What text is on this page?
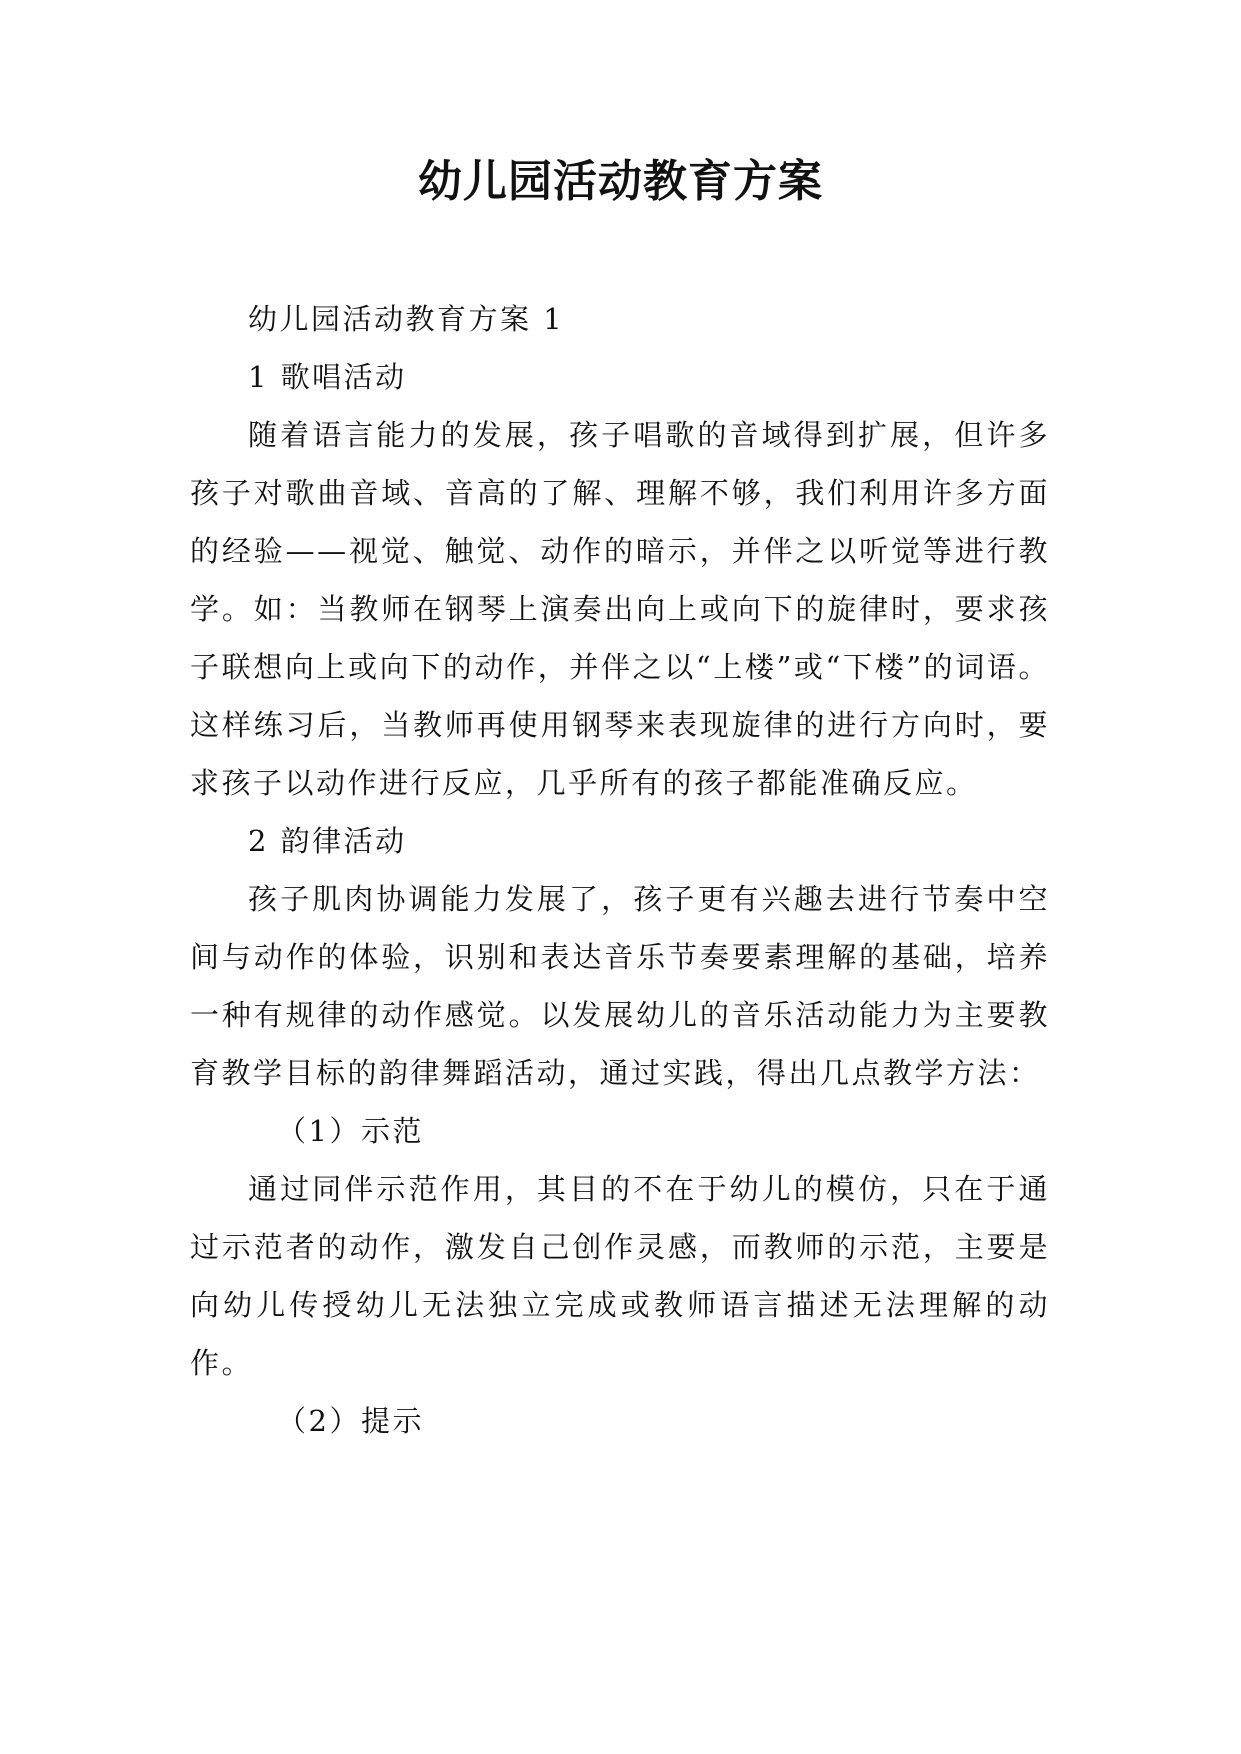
幼儿园活动教育方案

幼儿园活动教育方案 1

1 歌唱活动

随着语言能力的发展，孩子唱歌的音域得到扩展，但许多孩子对歌曲音域、音高的了解、理解不够，我们利用许多方面的经验——视觉、触觉、动作的暗示，并伴之以听觉等进行教学。如：当教师在钢琴上演奏出向上或向下的旋律时，要求孩子联想向上或向下的动作，并伴之以“上楼”或“下楼”的词语。这样练习后，当教师再使用钢琴来表现旋律的进行方向时，要求孩子以动作进行反应，几乎所有的孩子都能准确反应。

2 韵律活动

孩子肌肉协调能力发展了，孩子更有兴趣去进行节奏中空间与动作的体验，识别和表达音乐节奏要素理解的基础，培养一种有规律的动作感觉。以发展幼儿的音乐活动能力为主要教育教学目标的韵律舞蹈活动，通过实践，得出几点教学方法：

（1）示范

通过同伴示范作用，其目的不在于幼儿的模仿，只在于通过示范者的动作，激发自己创作灵感，而教师的示范，主要是向幼儿传授幼儿无法独立完成或教师语言描述无法理解的动作。

（2）提示
